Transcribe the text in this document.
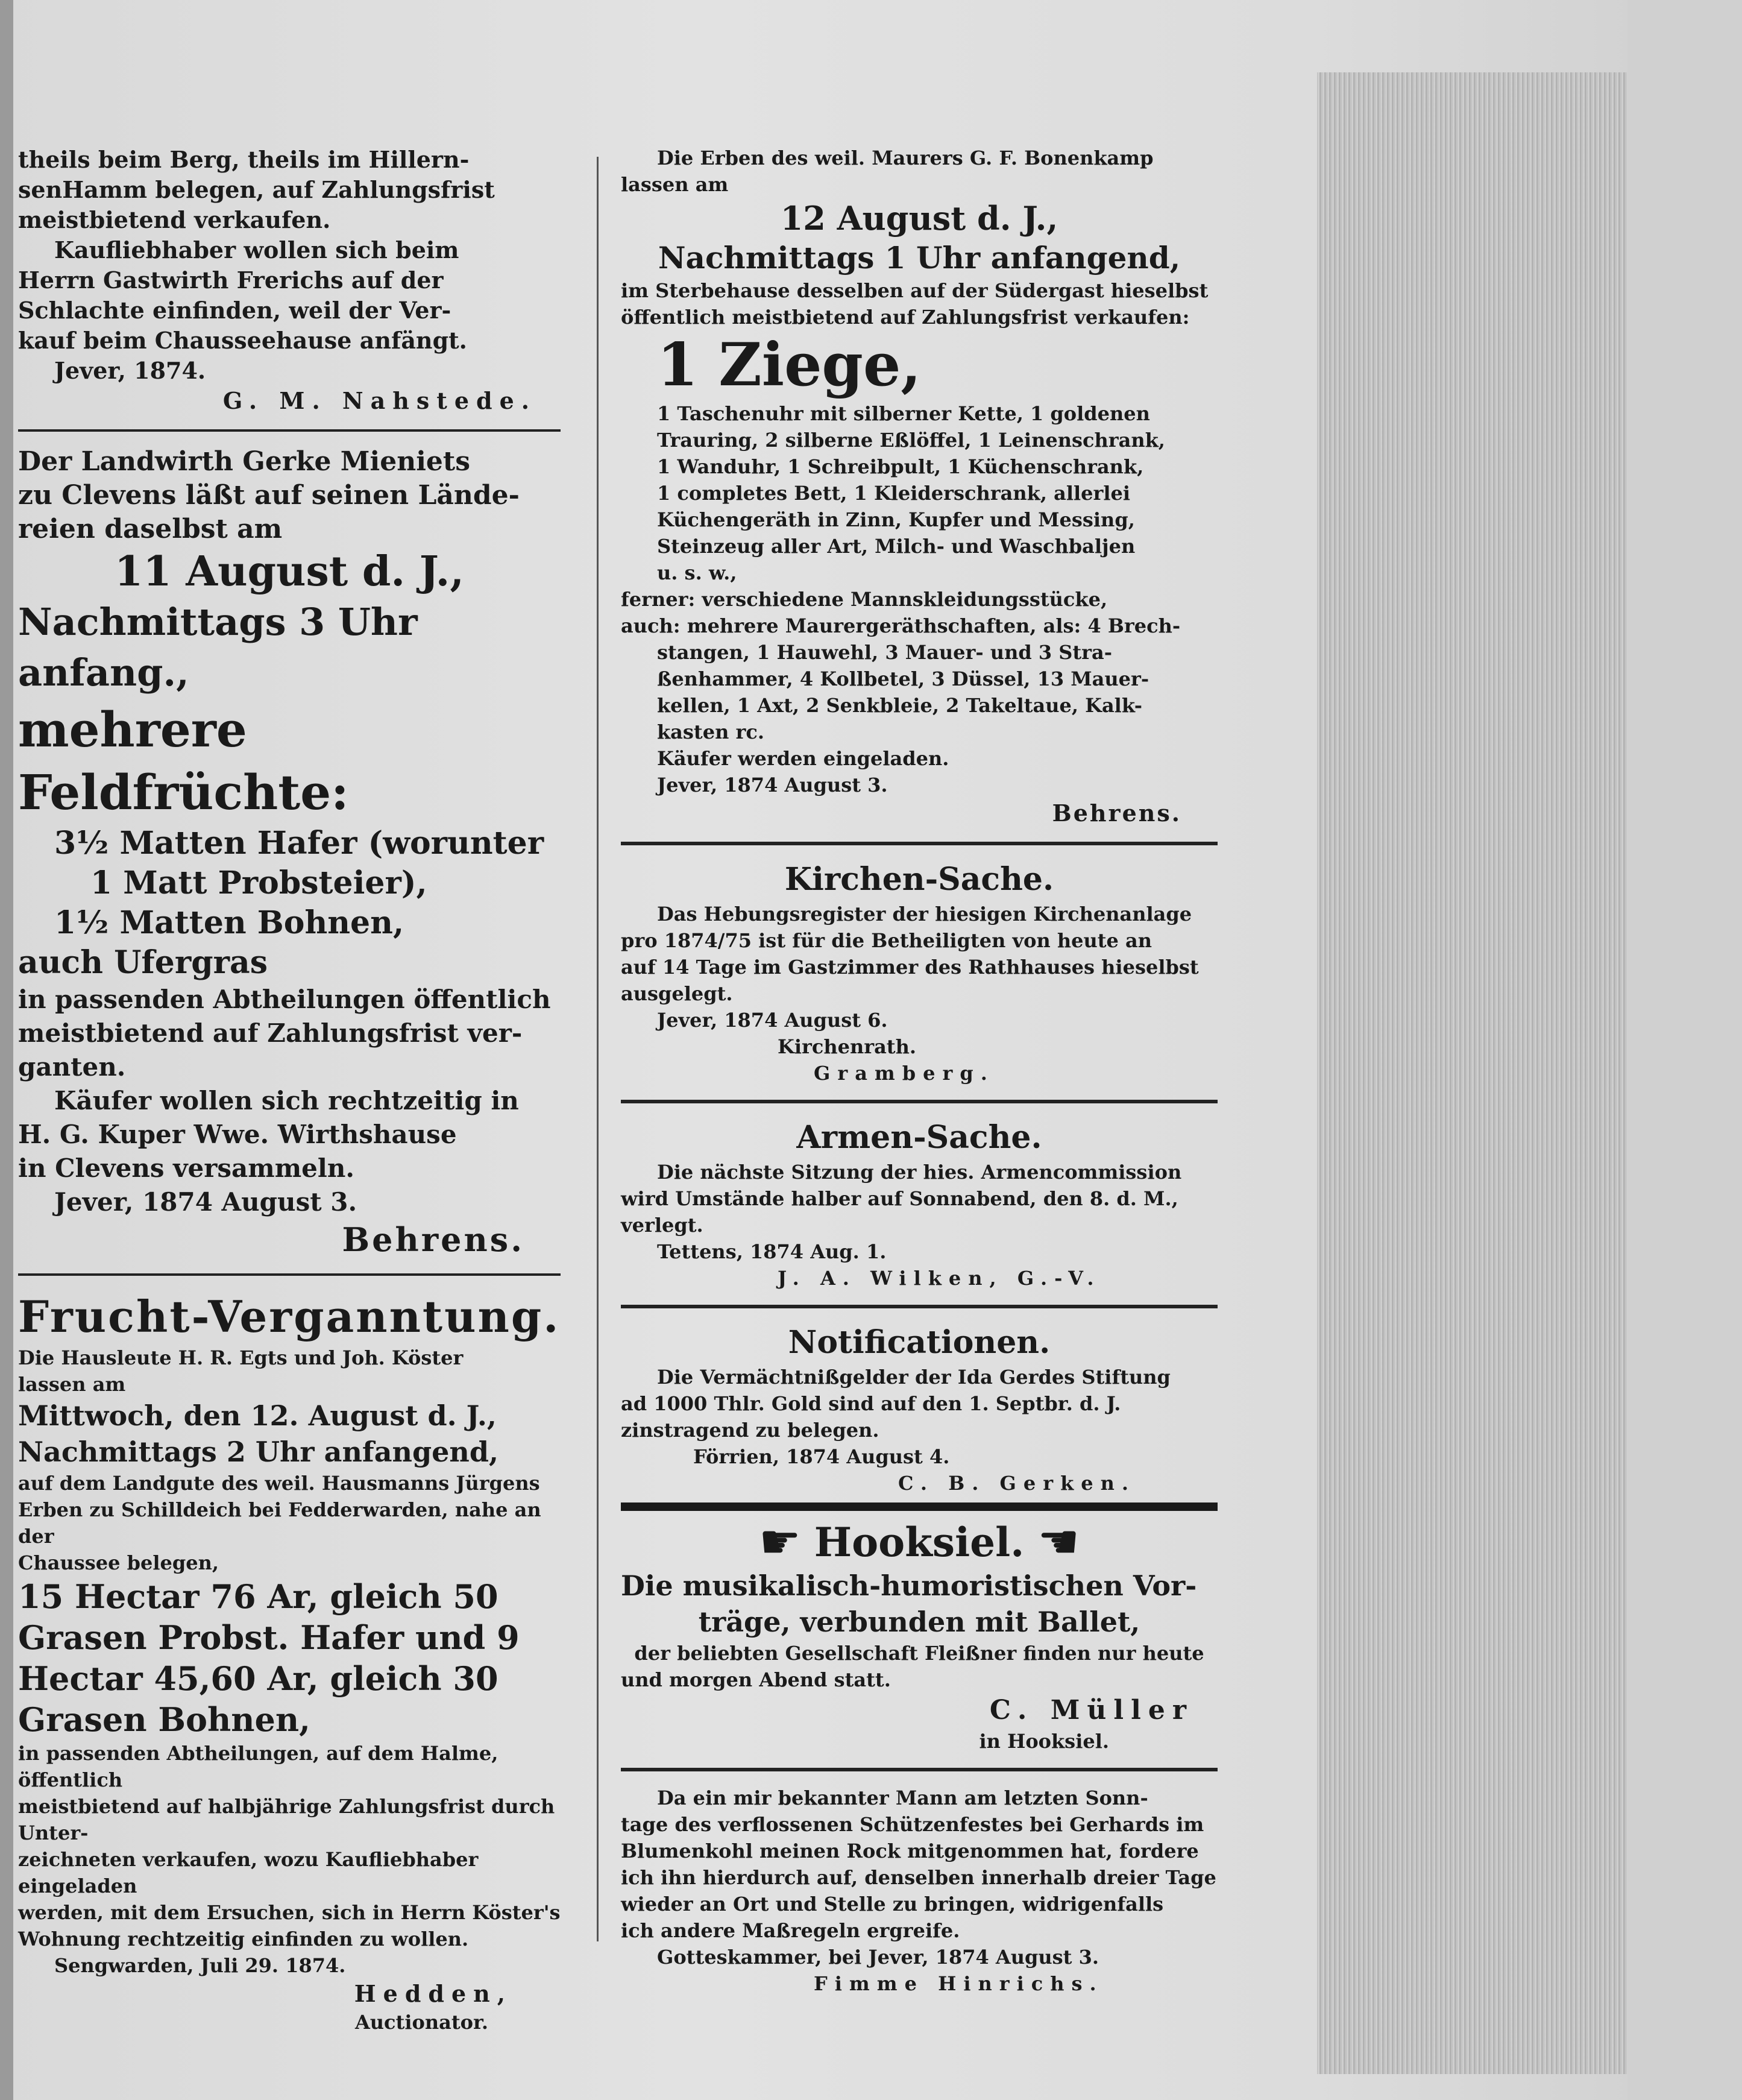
theils beim Berg, theils im Hillern-

senHamm belegen, auf Zahlungsfrist

meistbietend verkaufen.

Kaufliebhaber wollen sich beim

Herrn Gastwirth Frerichs auf der

Schlachte einfinden, weil der Ver-

kauf beim Chausseehause anfängt.

Jever, 1874.

G. M. Nahstede.

Der Landwirth Gerke Mieniets

zu Clevens läßt auf seinen Lände-

reien daselbst am

11 August d. J.,

Nachmittags 3 Uhr anfang.,

mehrere Feldfrüchte:

3½ Matten Hafer (worunter

1 Matt Probsteier),

1½ Matten Bohnen,

auch Ufergras

in passenden Abtheilungen öffentlich

meistbietend auf Zahlungsfrist ver-

ganten.

Käufer wollen sich rechtzeitig in

H. G. Kuper Wwe. Wirthshause

in Clevens versammeln.

Jever, 1874 August 3.

Behrens.

Frucht-Verganntung.

Die Hausleute H. R. Egts und Joh. Köster

lassen am

Mittwoch, den 12. August d. J.,

Nachmittags 2 Uhr anfangend,

auf dem Landgute des weil. Hausmanns Jürgens

Erben zu Schilldeich bei Fedderwarden, nahe an der

Chaussee belegen,

15 Hectar 76 Ar, gleich 50

Grasen Probst. Hafer und 9

Hectar 45,60 Ar, gleich 30

Grasen Bohnen,

in passenden Abtheilungen, auf dem Halme, öffentlich

meistbietend auf halbjährige Zahlungsfrist durch Unter-

zeichneten verkaufen, wozu Kaufliebhaber eingeladen

werden, mit dem Ersuchen, sich in Herrn Köster's

Wohnung rechtzeitig einfinden zu wollen.

Sengwarden, Juli 29. 1874.

Hedden,

Auctionator.

Die Erben des weil. Maurers G. F. Bonenkamp

lassen am

12 August d. J.,

Nachmittags 1 Uhr anfangend,

im Sterbehause desselben auf der Südergast hieselbst

öffentlich meistbietend auf Zahlungsfrist verkaufen:

1 Ziege,

1 Taschenuhr mit silberner Kette, 1 goldenen

Trauring, 2 silberne Eßlöffel, 1 Leinenschrank,

1 Wanduhr, 1 Schreibpult, 1 Küchenschrank,

1 completes Bett, 1 Kleiderschrank, allerlei

Küchengeräth in Zinn, Kupfer und Messing,

Steinzeug aller Art, Milch- und Waschbaljen

u. s. w.,

ferner: verschiedene Mannskleidungsstücke,

auch: mehrere Maurergeräthschaften, als: 4 Brech-

stangen, 1 Hauwehl, 3 Mauer- und 3 Stra-

ßenhammer, 4 Kollbetel, 3 Düssel, 13 Mauer-

kellen, 1 Axt, 2 Senkbleie, 2 Takeltaue, Kalk-

kasten rc.

Käufer werden eingeladen.

Jever, 1874 August 3.

Behrens.

Kirchen-Sache.

Das Hebungsregister der hiesigen Kirchenanlage

pro 1874/75 ist für die Betheiligten von heute an

auf 14 Tage im Gastzimmer des Rathhauses hieselbst

ausgelegt.

Jever, 1874 August 6.

Kirchenrath.

Gramberg.

Armen-Sache.

Die nächste Sitzung der hies. Armencommission

wird Umstände halber auf Sonnabend, den 8. d. M.,

verlegt.

Tettens, 1874 Aug. 1.

J. A. Wilken, G.-V.

Notificationen.

Die Vermächtnißgelder der Ida Gerdes Stiftung

ad 1000 Thlr. Gold sind auf den 1. Septbr. d. J.

zinstragend zu belegen.

Förrien, 1874 August 4.

C. B. Gerken.

☛ Hooksiel. ☚

Die musikalisch-humoristischen Vor-

träge, verbunden mit Ballet,

der beliebten Gesellschaft Fleißner finden nur heute

und morgen Abend statt.

C. Müller

in Hooksiel.

Da ein mir bekannter Mann am letzten Sonn-

tage des verflossenen Schützenfestes bei Gerhards im

Blumenkohl meinen Rock mitgenommen hat, fordere

ich ihn hierdurch auf, denselben innerhalb dreier Tage

wieder an Ort und Stelle zu bringen, widrigenfalls

ich andere Maßregeln ergreife.

Gotteskammer, bei Jever, 1874 August 3.

Fimme Hinrichs.
